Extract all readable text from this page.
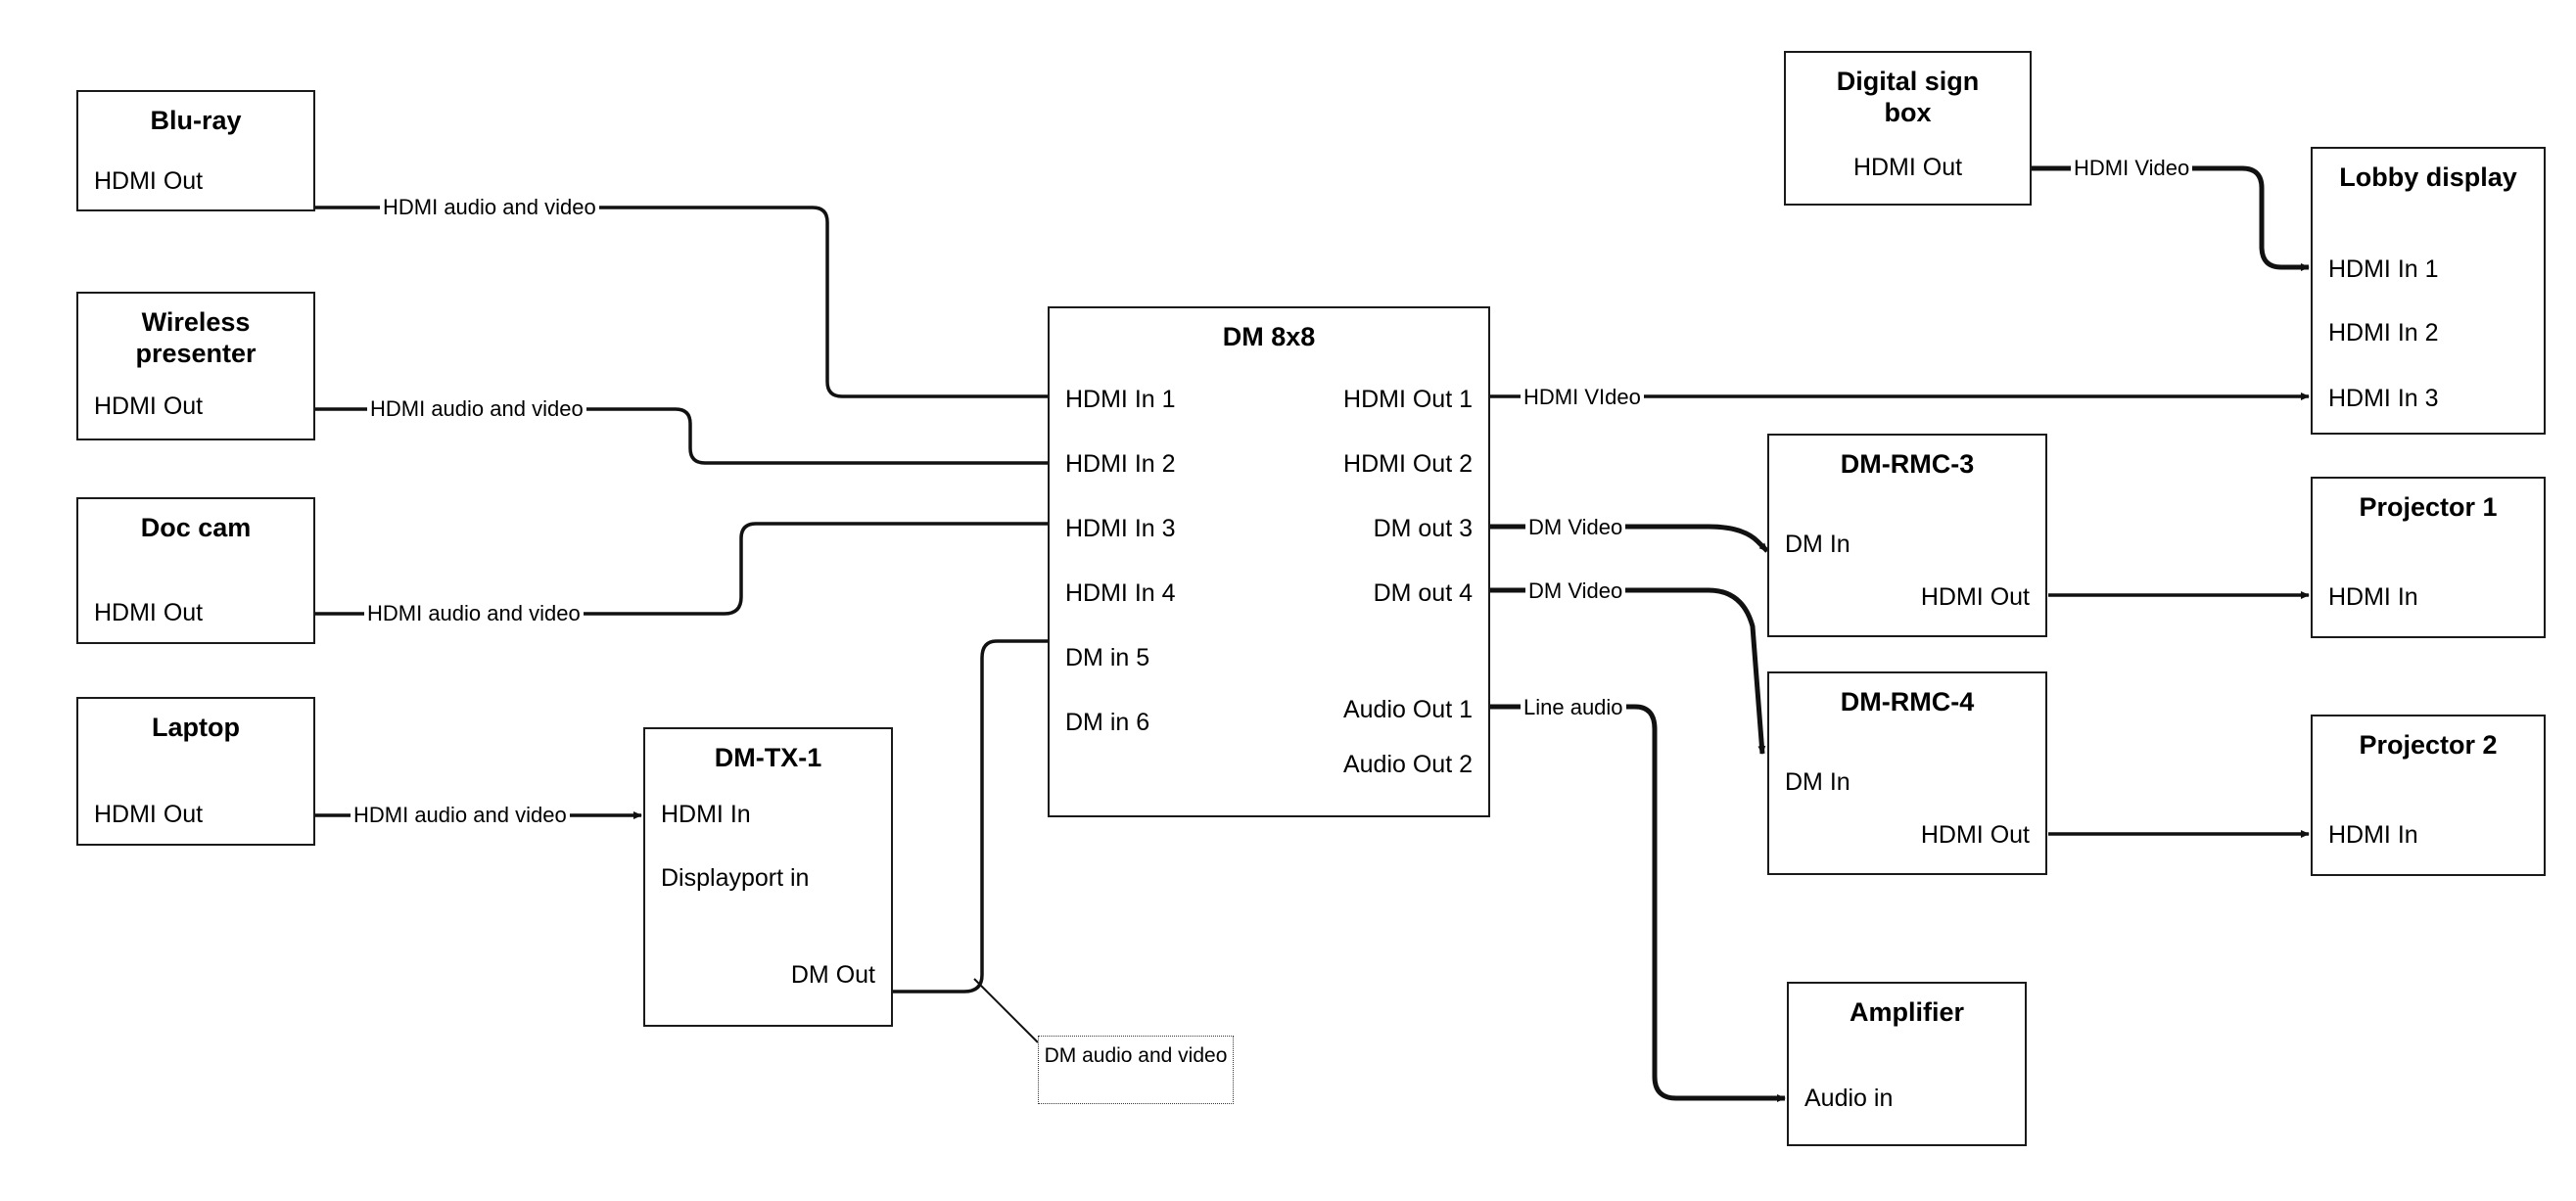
Blu-ray
HDMI Out
Wireless presenter
HDMI Out
Doc cam
HDMI Out
Laptop
HDMI Out
DM-TX-1
HDMI In
Displayport in
DM Out
DM 8x8
HDMI In 1
HDMI In 2
HDMI In 3
HDMI In 4
DM in 5
DM in 6
HDMI Out 1
HDMI Out 2
DM out 3
DM out 4
Audio Out 1
Audio Out 2
Digital sign box
HDMI Out	Lobby display
HDMI In 1
HDMI In 2
HDMI In 3
DM-RMC-3
DM In
HDMI Out
DM-RMC-4
DM In
HDMI Out
Projector 1
HDMI In
Projector 2
HDMI In
Amplifier
Audio in
HDMI audio and video
HDMI audio and video
HDMI audio and video
HDMI audio and video
HDMI Video
HDMI VIdeo
DM Video
DM Video
Line audio
DM audio and video
